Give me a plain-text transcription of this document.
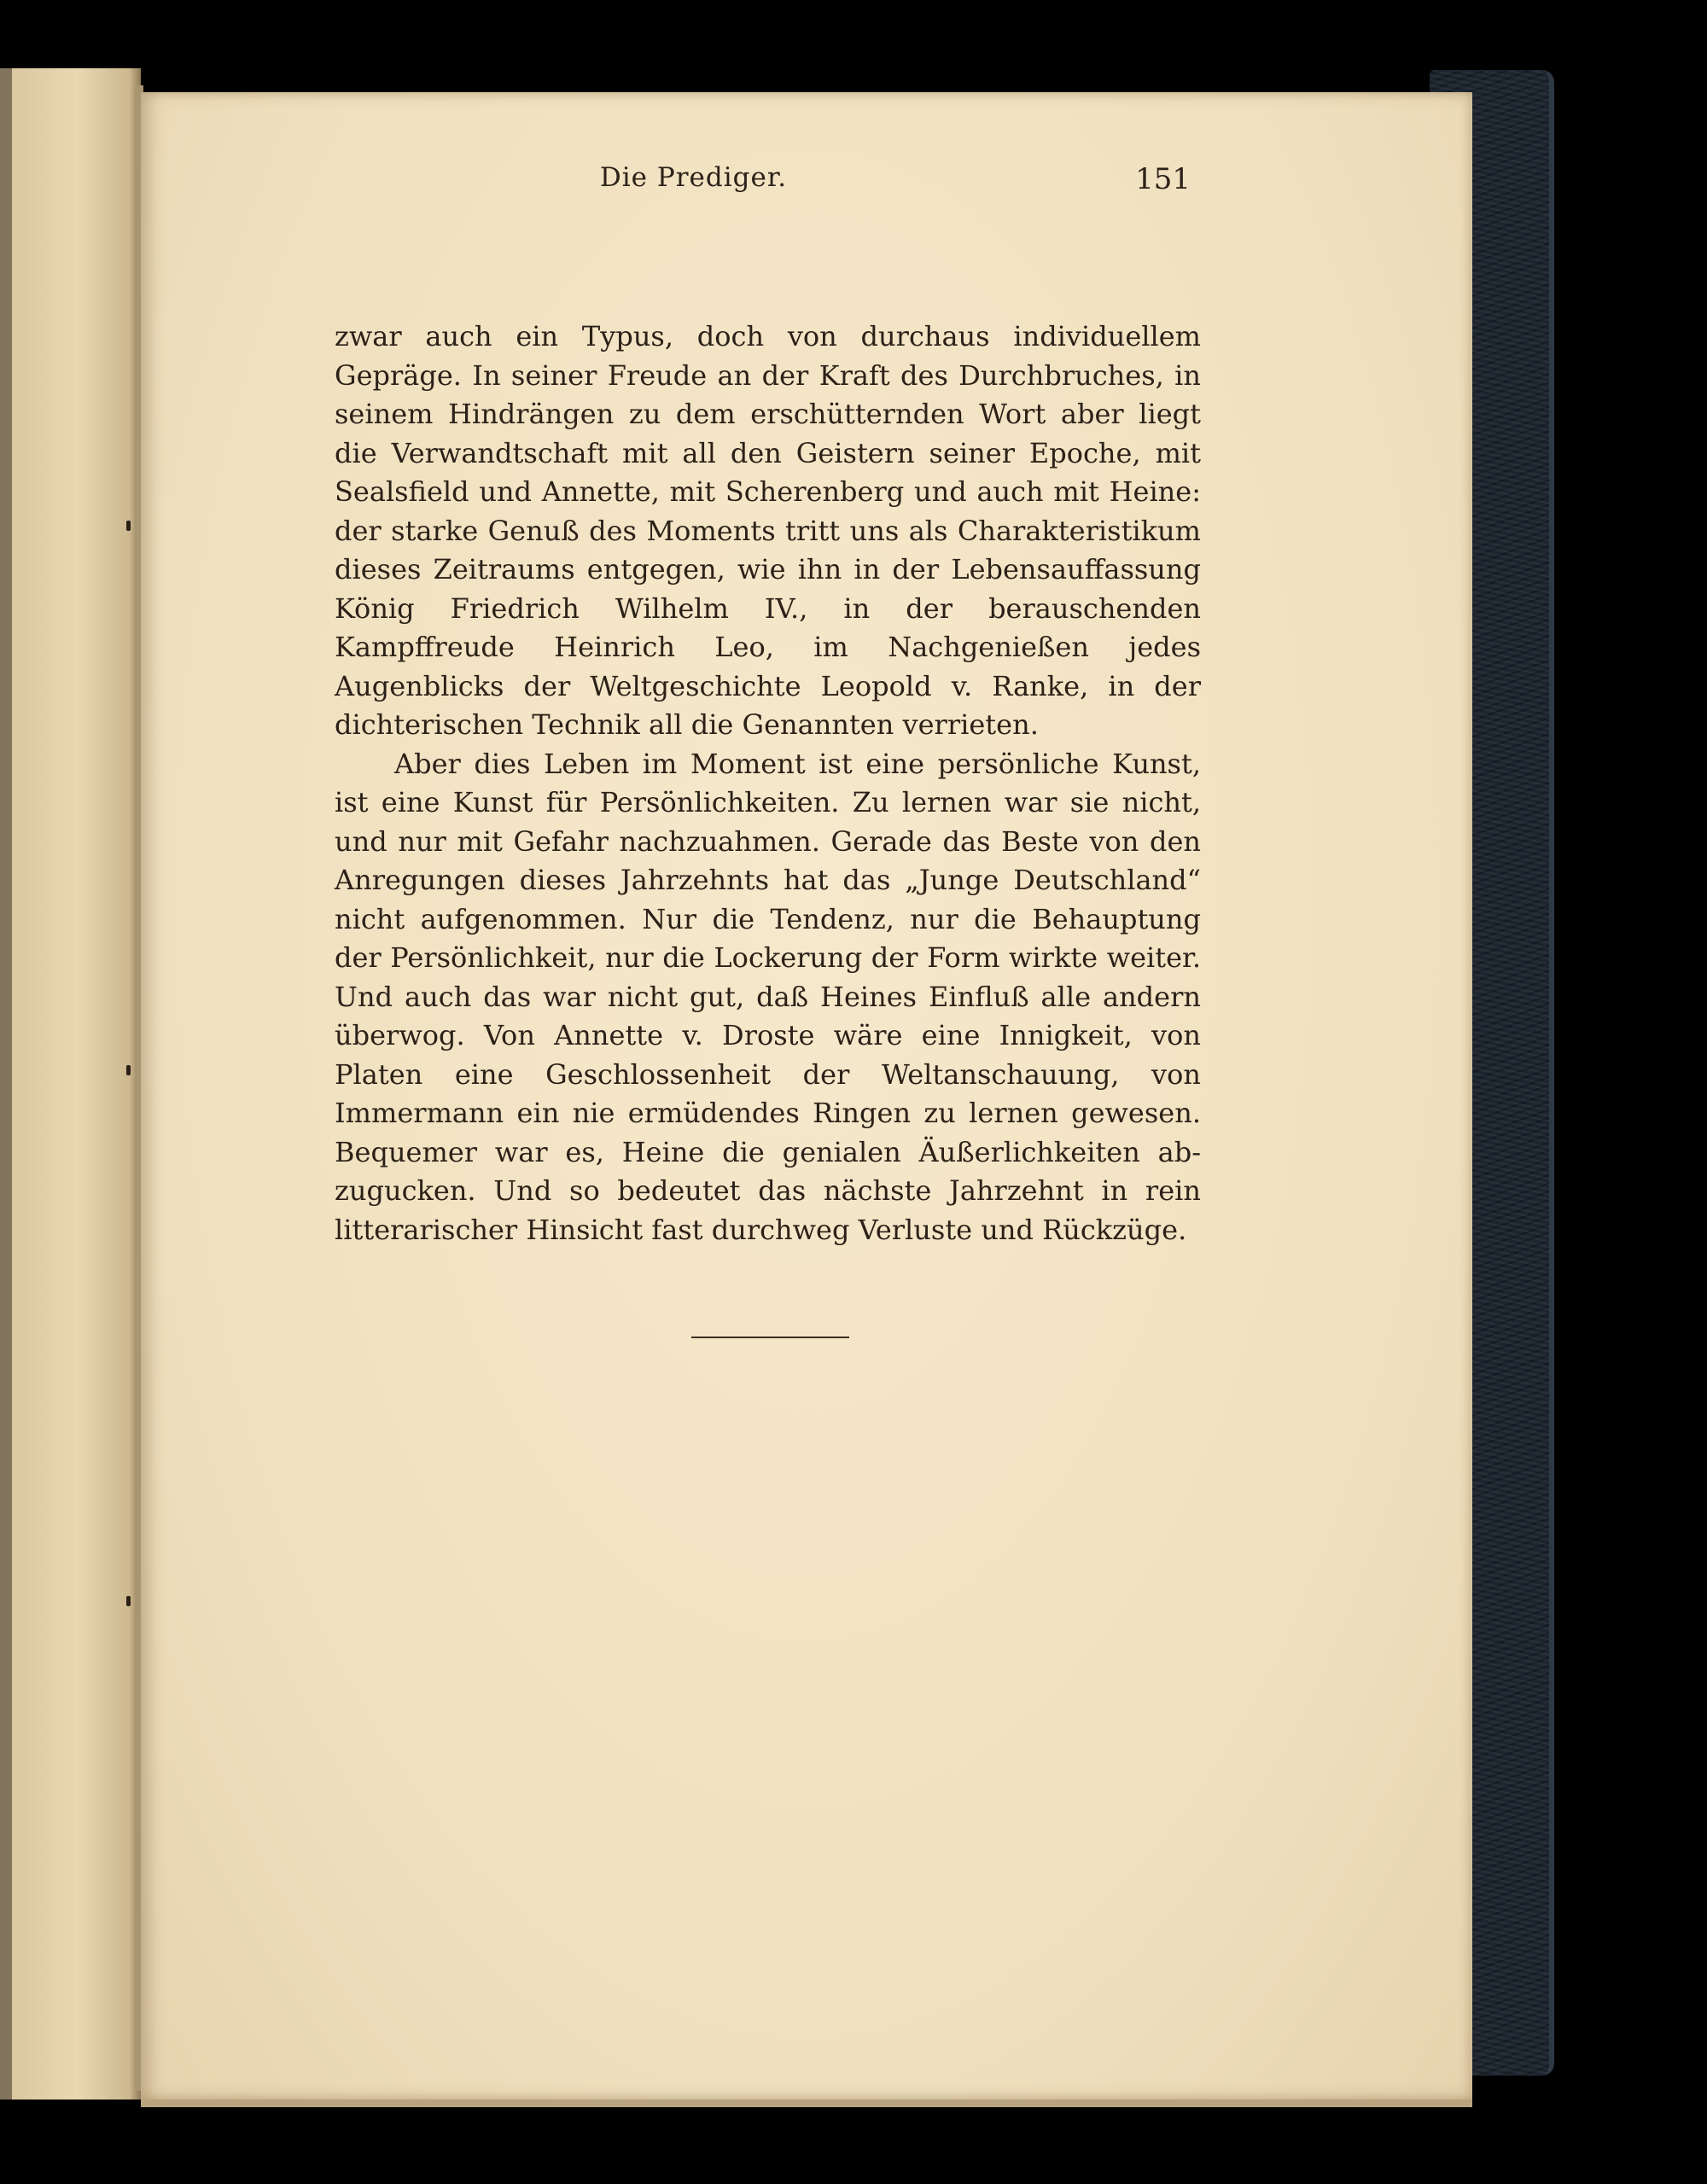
Die Prediger.	151

zwar auch ein Typus, doch von durchaus individuellem Gepräge. In seiner Freude an der Kraft des Durchbruches, in seinem Hindrängen zu dem erschütternden Wort aber liegt die Verwandtschaft mit all den Geistern seiner Epoche, mit Sealsfield und Annette, mit Scherenberg und auch mit Heine: der starke Genuß des Moments tritt uns als Charakteristikum dieses Zeitraums entgegen, wie ihn in der Lebensauffassung König Friedrich Wilhelm IV., in der berauschenden Kampffreude Heinrich Leo, im Nachgenießen jedes Augenblicks der Weltgeschichte Leopold v. Ranke, in der dichterischen Technik all die Genannten verrieten.

Aber dies Leben im Moment ist eine persönliche Kunst, ist eine Kunst für Persönlichkeiten. Zu lernen war sie nicht, und nur mit Gefahr nachzuahmen. Gerade das Beste von den Anregungen dieses Jahrzehnts hat das „Junge Deutschland“ nicht aufgenommen. Nur die Tendenz, nur die Behauptung der Persönlichkeit, nur die Lockerung der Form wirkte weiter. Und auch das war nicht gut, daß Heines Einfluß alle andern überwog. Von Annette v. Droste wäre eine Innigkeit, von Platen eine Geschlossenheit der Weltanschauung, von Immermann ein nie ermüdendes Ringen zu lernen gewesen. Bequemer war es, Heine die genialen Äußerlichkeiten abzugucken. Und so bedeutet das nächste Jahrzehnt in rein litterarischer Hinsicht fast durchweg Verluste und Rückzüge.
